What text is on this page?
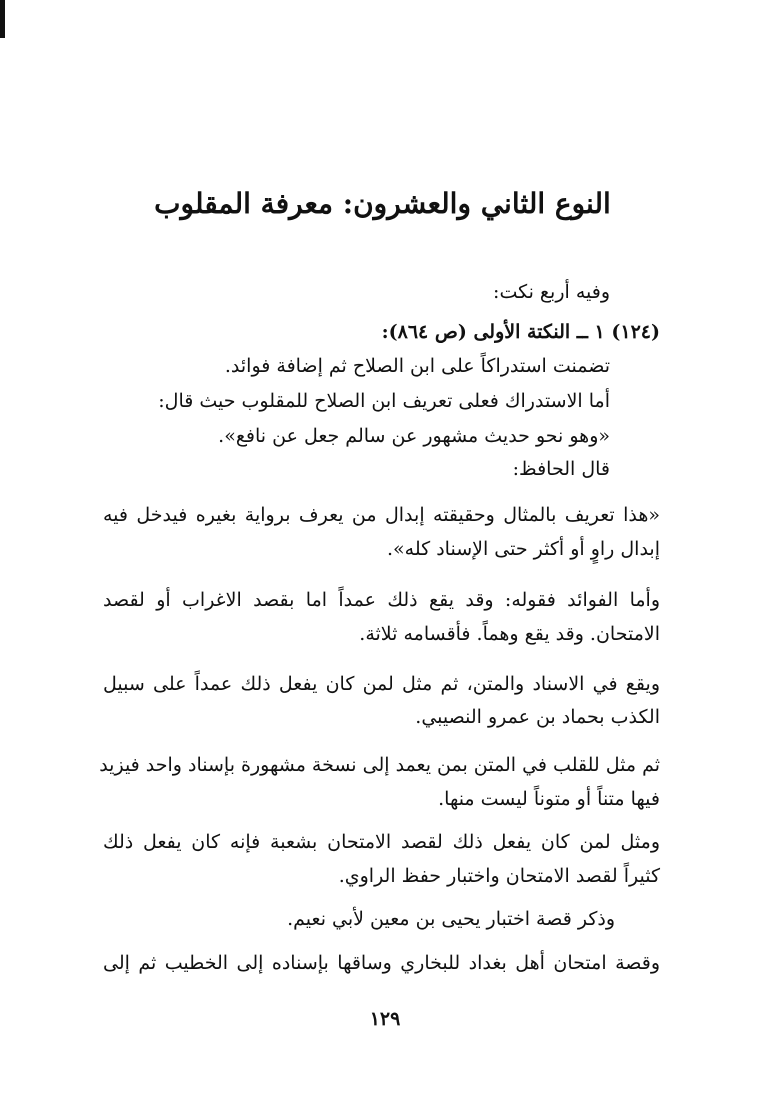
النوع الثاني والعشرون: معرفة المقلوب
وفيه أربع نكت:
(١٢٤) ١ ــ النكتة الأولى (ص ٨٦٤):
تضمنت استدراكاً على ابن الصلاح ثم إضافة فوائد.
أما الاستدراك فعلى تعريف ابن الصلاح للمقلوب حيث قال:
«وهو نحو حديث مشهور عن سالم جعل عن نافع».
قال الحافظ:
«هذا تعريف بالمثال وحقيقته إبدال من يعرف برواية بغيره فيدخل فيه
إبدال راوٍ أو أكثر حتى الإسناد كله».
وأما الفوائد فقوله: وقد يقع ذلك عمداً اما بقصد الاغراب أو لقصد
الامتحان. وقد يقع وهماً. فأقسامه ثلاثة.
ويقع في الاسناد والمتن، ثم مثل لمن كان يفعل ذلك عمداً على سبيل
الكذب بحماد بن عمرو النصيبي.
ثم مثل للقلب في المتن بمن يعمد إلى نسخة مشهورة بإسناد واحد فيزيد
فيها متناً أو متوناً ليست منها.
ومثل لمن كان يفعل ذلك لقصد الامتحان بشعبة فإنه كان يفعل ذلك
كثيراً لقصد الامتحان واختبار حفظ الراوي.
وذكر قصة اختبار يحيى بن معين لأبي نعيم.
وقصة امتحان أهل بغداد للبخاري وساقها بإسناده إلى الخطيب ثم إلى
١٢٩
